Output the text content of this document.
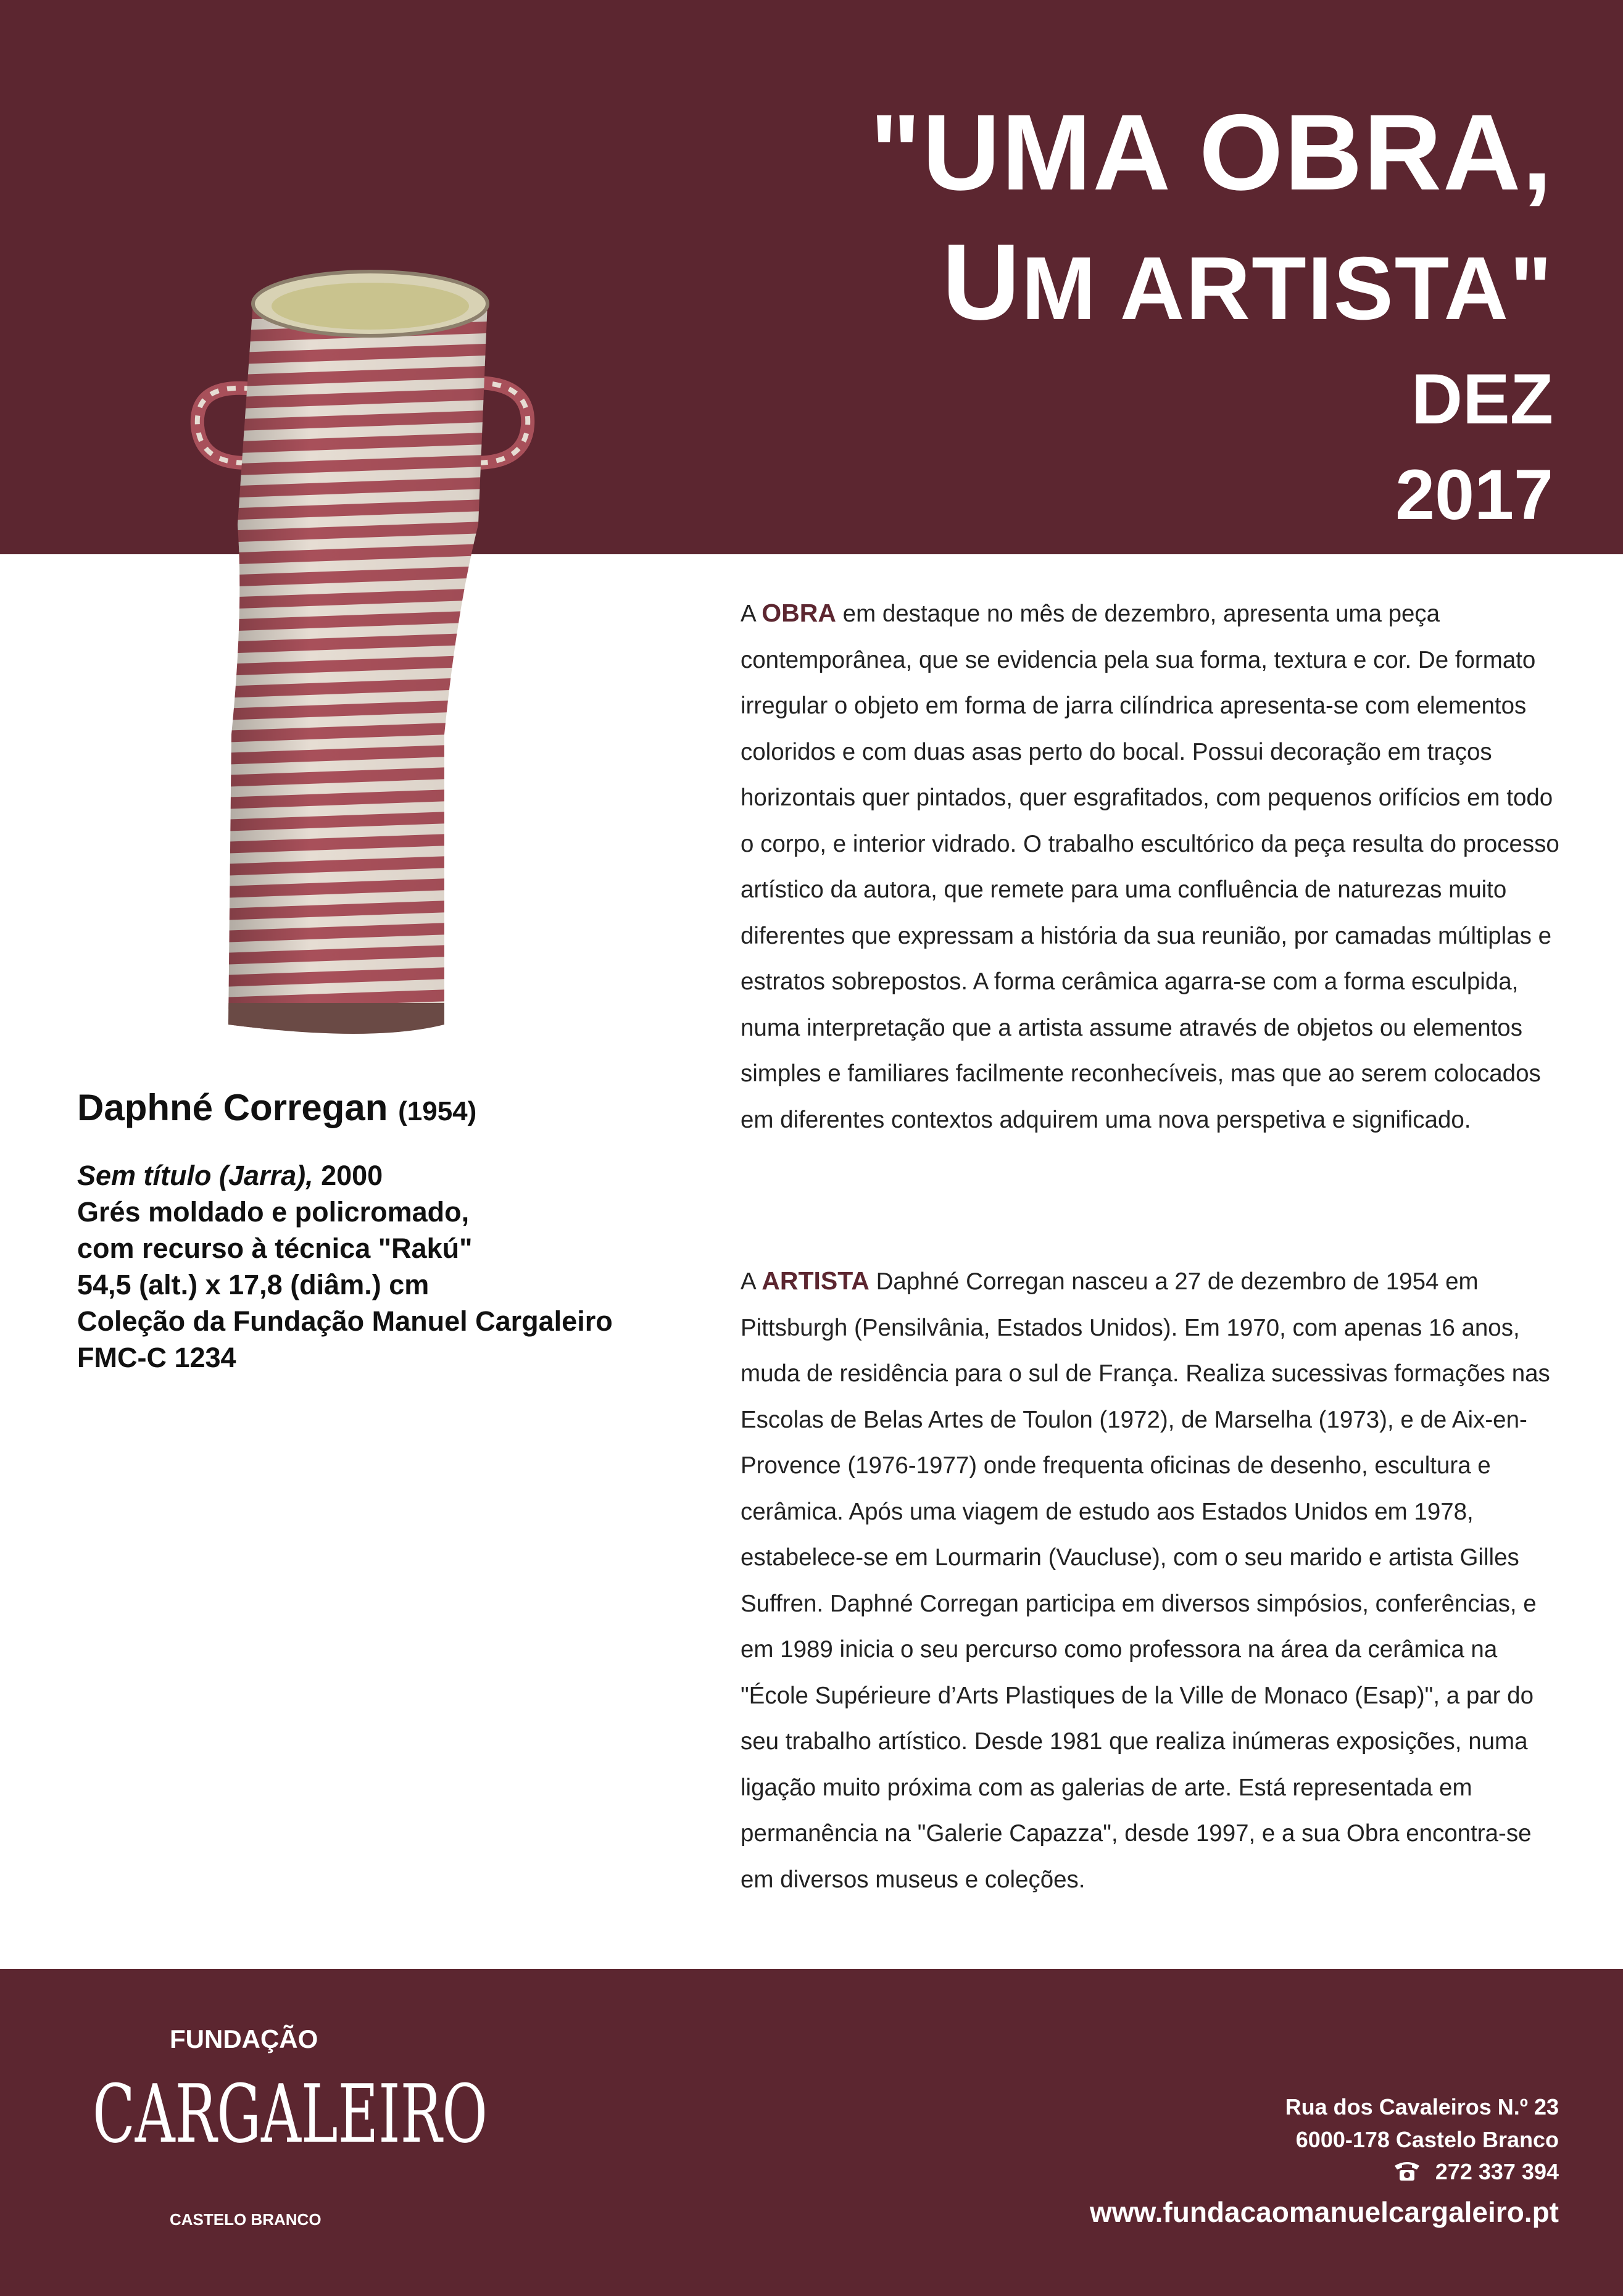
"UMA OBRA,
UM ARTISTA"
DEZ
2017
Daphné Corregan (1954)
Sem título (Jarra), 2000
Grés moldado e policromado,
com recurso à técnica "Rakú"
54,5 (alt.) x 17,8 (diâm.) cm
Coleção da Fundação Manuel Cargaleiro
FMC-C 1234
A OBRA em destaque no mês de dezembro, apresenta uma peça contemporânea, que se evidencia pela sua forma, textura e cor. De formato irregular o objeto em forma de jarra cilíndrica apresenta-se com elementos coloridos e com duas asas perto do bocal. Possui decoração em traços horizontais quer pintados, quer esgrafitados, com pequenos orifícios em todo o corpo, e interior vidrado. O trabalho escultórico da peça resulta do processo artístico da autora, que remete para uma confluência de naturezas muito diferentes que expressam a história da sua reunião, por camadas múltiplas e estratos sobrepostos. A forma cerâmica agarra-se com a forma esculpida, numa interpretação que a artista assume através de objetos ou elementos simples e familiares facilmente reconhecíveis, mas que ao serem colocados em diferentes contextos adquirem uma nova perspetiva e significado.
A ARTISTA Daphné Corregan nasceu a 27 de dezembro de 1954 em Pittsburgh (Pensilvânia, Estados Unidos). Em 1970, com apenas 16 anos, muda de residência para o sul de França. Realiza sucessivas formações nas Escolas de Belas Artes de Toulon (1972), de Marselha (1973), e de Aix-en-Provence (1976-1977) onde frequenta oficinas de desenho, escultura e cerâmica. Após uma viagem de estudo aos Estados Unidos em 1978, estabelece-se em Lourmarin (Vaucluse), com o seu marido e artista Gilles Suffren. Daphné Corregan participa em diversos simpósios, conferências, e em 1989 inicia o seu percurso como professora na área da cerâmica na "École Supérieure d’Arts Plastiques de la Ville de Monaco (Esap)", a par do seu trabalho artístico. Desde 1981 que realiza inúmeras exposições, numa ligação muito próxima com as galerias de arte. Está representada em permanência na "Galerie Capazza", desde 1997, e a sua Obra encontra-se em diversos museus e coleções.
FUNDAÇÃO
CARGALEIRO
CASTELO BRANCO
Rua dos Cavaleiros N.º 23
6000-178 Castelo Branco
272 337 394
www.fundacaomanuelcargaleiro.pt
